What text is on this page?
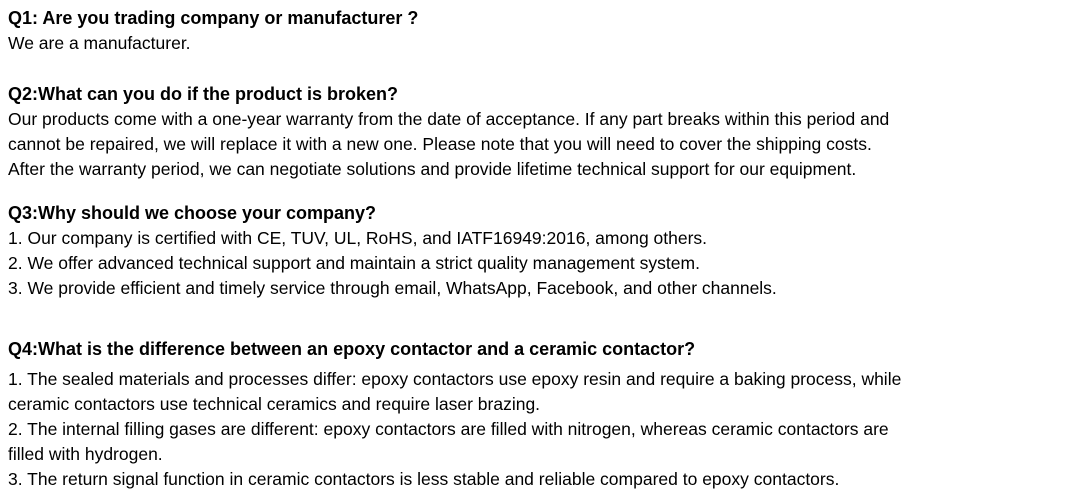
Q1: Are you trading company or manufacturer ?
We are a manufacturer.
Q2:What can you do if the product is broken?
Our products come with a one-year warranty from the date of acceptance. If any part breaks within this period and
cannot be repaired, we will replace it with a new one. Please note that you will need to cover the shipping costs.
After the warranty period, we can negotiate solutions and provide lifetime technical support for our equipment.
Q3:Why should we choose your company?
1. Our company is certified with CE, TUV, UL, RoHS, and IATF16949:2016, among others.
2. We offer advanced technical support and maintain a strict quality management system.
3. We provide efficient and timely service through email, WhatsApp, Facebook, and other channels.
Q4:What is the difference between an epoxy contactor and a ceramic contactor?
1. The sealed materials and processes differ: epoxy contactors use epoxy resin and require a baking process, while
ceramic contactors use technical ceramics and require laser brazing.
2. The internal filling gases are different: epoxy contactors are filled with nitrogen, whereas ceramic contactors are
filled with hydrogen.
3. The return signal function in ceramic contactors is less stable and reliable compared to epoxy contactors.
